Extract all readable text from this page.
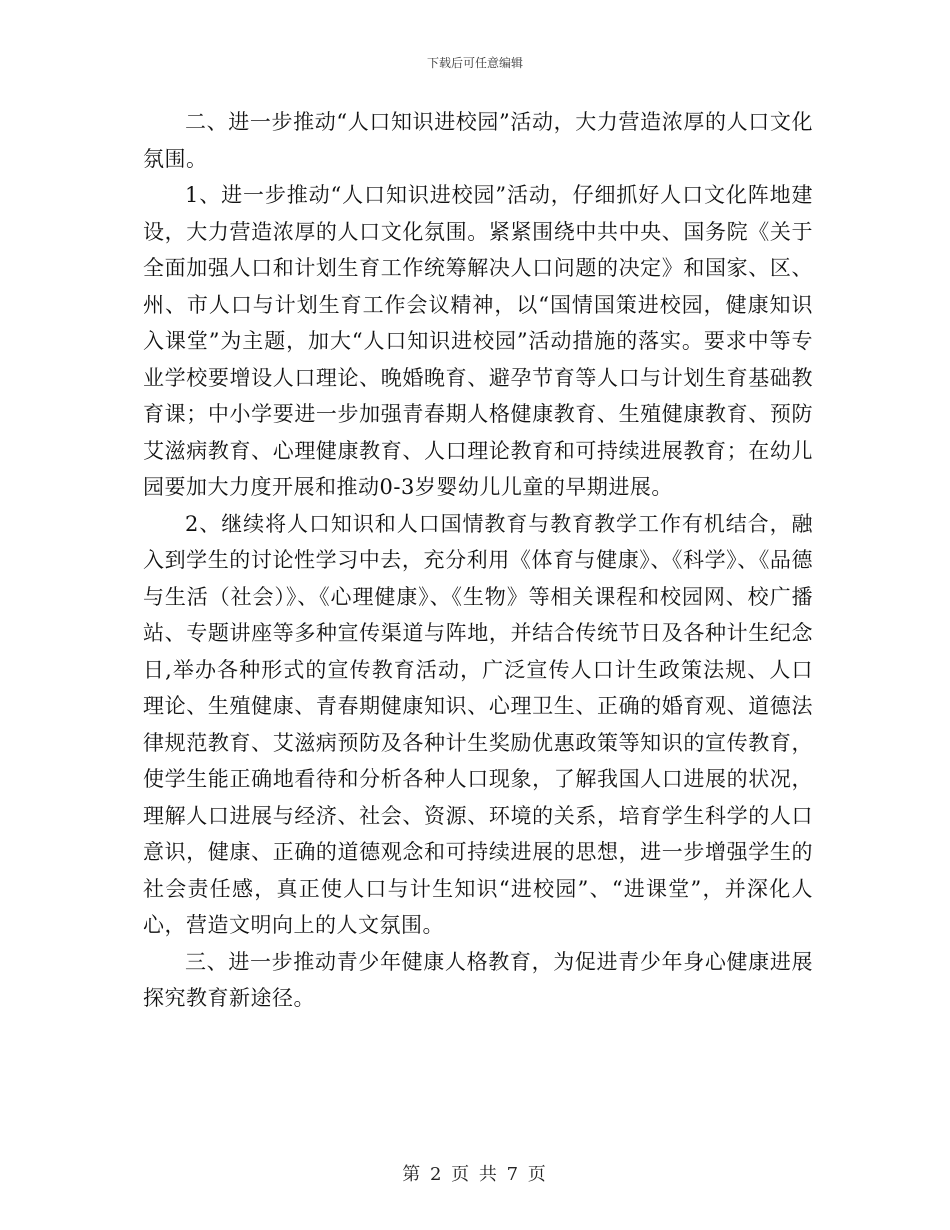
下载后可任意编辑

二、进一步推动“人口知识进校园”活动，大力营造浓厚的人口文化氛围。

1、进一步推动“人口知识进校园”活动，仔细抓好人口文化阵地建设，大力营造浓厚的人口文化氛围。紧紧围绕中共中央、国务院《关于全面加强人口和计划生育工作统筹解决人口问题的决定》和国家、区、州、市人口与计划生育工作会议精神，以“国情国策进校园，健康知识入课堂”为主题，加大“人口知识进校园”活动措施的落实。要求中等专业学校要增设人口理论、晚婚晚育、避孕节育等人口与计划生育基础教育课；中小学要进一步加强青春期人格健康教育、生殖健康教育、预防艾滋病教育、心理健康教育、人口理论教育和可持续进展教育；在幼儿园要加大力度开展和推动0-3岁婴幼儿儿童的早期进展。

2、继续将人口知识和人口国情教育与教育教学工作有机结合，融入到学生的讨论性学习中去，充分利用《体育与健康》、《科学》、《品德与生活（社会）》、《心理健康》、《生物》等相关课程和校园网、校广播站、专题讲座等多种宣传渠道与阵地，并结合传统节日及各种计生纪念日,举办各种形式的宣传教育活动，广泛宣传人口计生政策法规、人口理论、生殖健康、青春期健康知识、心理卫生、正确的婚育观、道德法律规范教育、艾滋病预防及各种计生奖励优惠政策等知识的宣传教育，使学生能正确地看待和分析各种人口现象，了解我国人口进展的状况，理解人口进展与经济、社会、资源、环境的关系，培育学生科学的人口意识，健康、正确的道德观念和可持续进展的思想，进一步增强学生的社会责任感，真正使人口与计生知识“进校园”、“进课堂”，并深化人心，营造文明向上的人文氛围。

三、进一步推动青少年健康人格教育，为促进青少年身心健康进展探究教育新途径。

第 2 页 共 7 页
